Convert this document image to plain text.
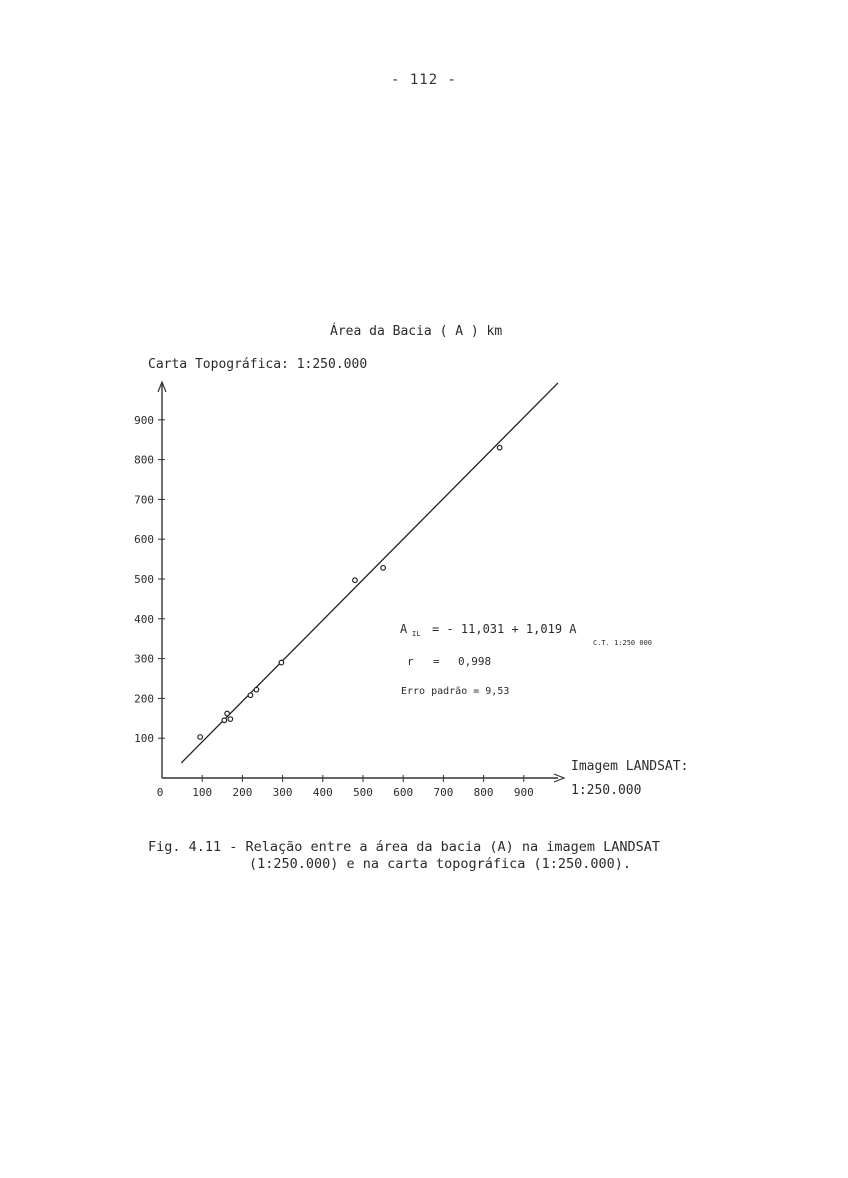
- 112 -
Área da Bacia ( A ) km
Carta Topográfica: 1:250.000
100
200
300
400
500
600
700
800
900
100 200 300 400 500 600 700 800 900
0
Imagem LANDSAT:
1:250.000
A IL = - 11,031 + 1,019 A
C.T. 1:250 000
r = 0,998
Erro padrão = 9,53
Fig. 4.11 - Relação entre a área da bacia (A) na imagem LANDSAT
(1:250.000) e na carta topográfica (1:250.000).
